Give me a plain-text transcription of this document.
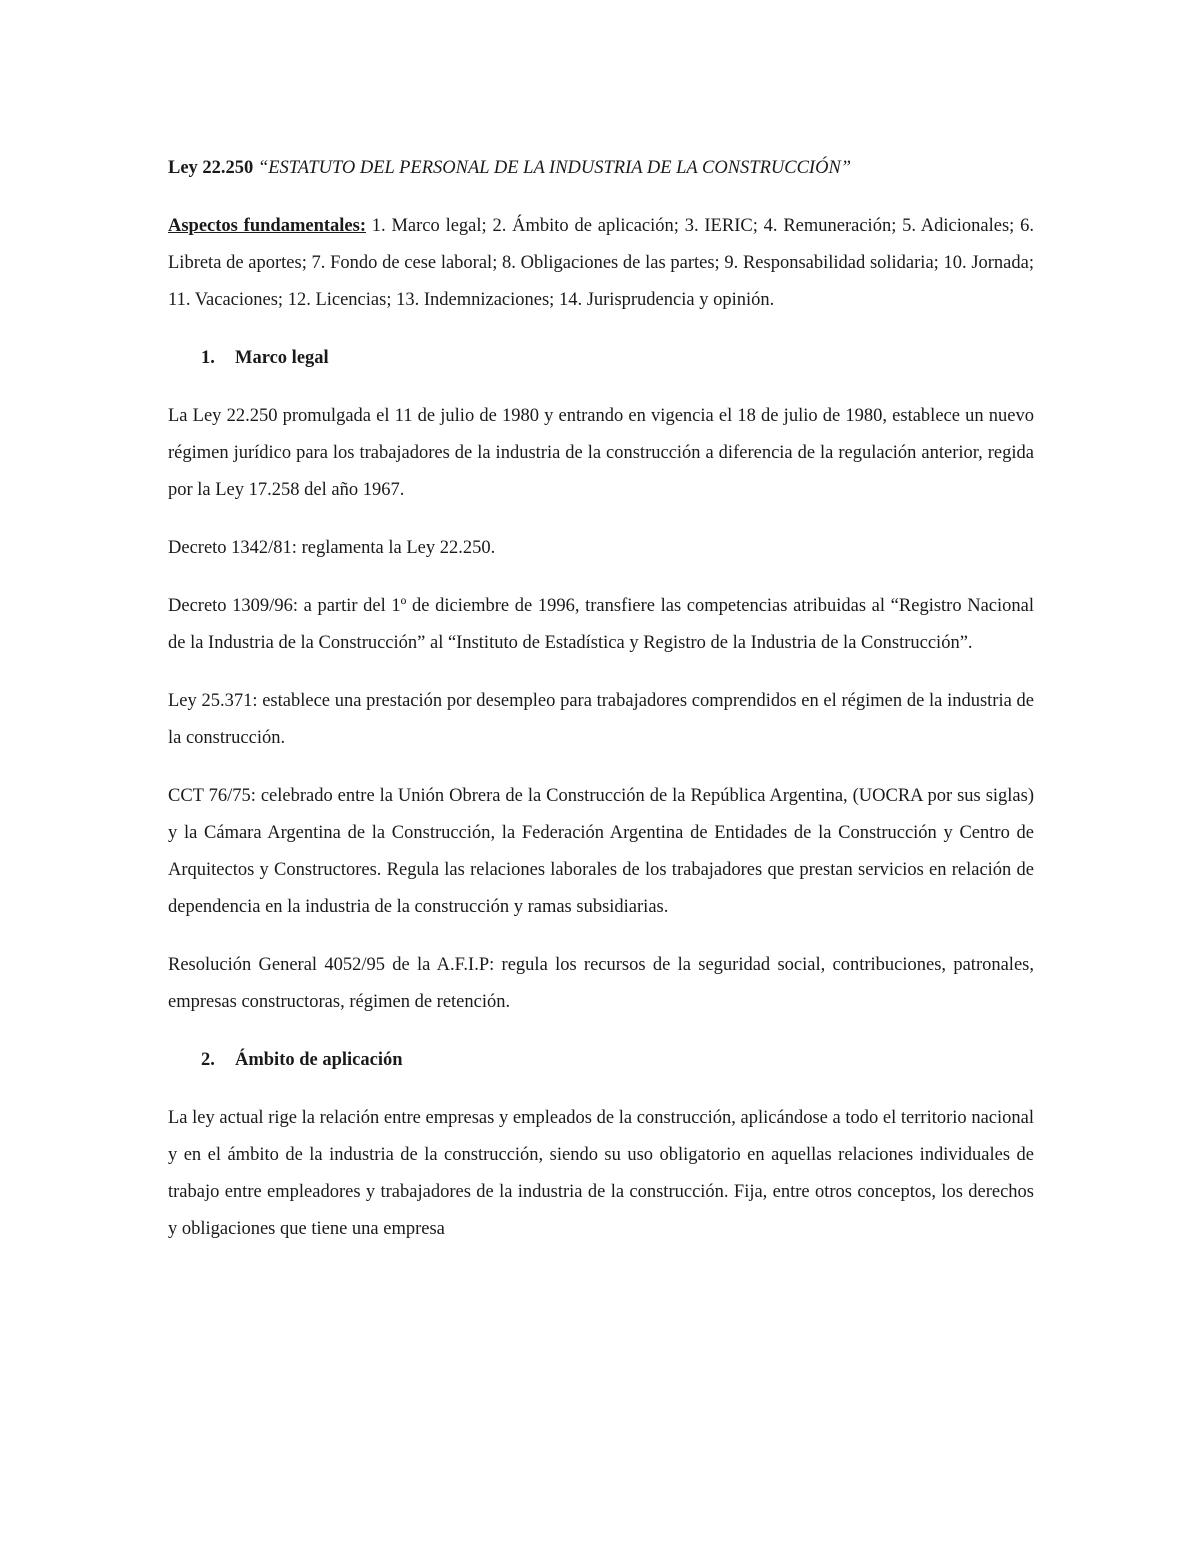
Ley 22.250 “ESTATUTO DEL PERSONAL DE LA INDUSTRIA DE LA CONSTRUCCIÓN”

Aspectos fundamentales: 1. Marco legal; 2. Ámbito de aplicación; 3. IERIC; 4. Remuneración; 5. Adicionales; 6. Libreta de aportes; 7. Fondo de cese laboral; 8. Obligaciones de las partes; 9. Responsabilidad solidaria; 10. Jornada; 11. Vacaciones; 12. Licencias; 13. Indemnizaciones; 14. Jurisprudencia y opinión.

1. Marco legal

La Ley 22.250 promulgada el 11 de julio de 1980 y entrando en vigencia el 18 de julio de 1980, establece un nuevo régimen jurídico para los trabajadores de la industria de la construcción a diferencia de la regulación anterior, regida por la Ley 17.258 del año 1967.

Decreto 1342/81: reglamenta la Ley 22.250.

Decreto 1309/96: a partir del 1º de diciembre de 1996, transfiere las competencias atribuidas al “Registro Nacional de la Industria de la Construcción” al “Instituto de Estadística y Registro de la Industria de la Construcción”.

Ley 25.371: establece una prestación por desempleo para trabajadores comprendidos en el régimen de la industria de la construcción.

CCT 76/75: celebrado entre la Unión Obrera de la Construcción de la República Argentina, (UOCRA por sus siglas) y la Cámara Argentina de la Construcción, la Federación Argentina de Entidades de la Construcción y Centro de Arquitectos y Constructores. Regula las relaciones laborales de los trabajadores que prestan servicios en relación de dependencia en la industria de la construcción y ramas subsidiarias.

Resolución General 4052/95 de la A.F.I.P: regula los recursos de la seguridad social, contribuciones, patronales, empresas constructoras, régimen de retención.

2. Ámbito de aplicación

La ley actual rige la relación entre empresas y empleados de la construcción, aplicándose a todo el territorio nacional y en el ámbito de la industria de la construcción, siendo su uso obligatorio en aquellas relaciones individuales de trabajo entre empleadores y trabajadores de la industria de la construcción. Fija, entre otros conceptos, los derechos y obligaciones que tiene una empresa
